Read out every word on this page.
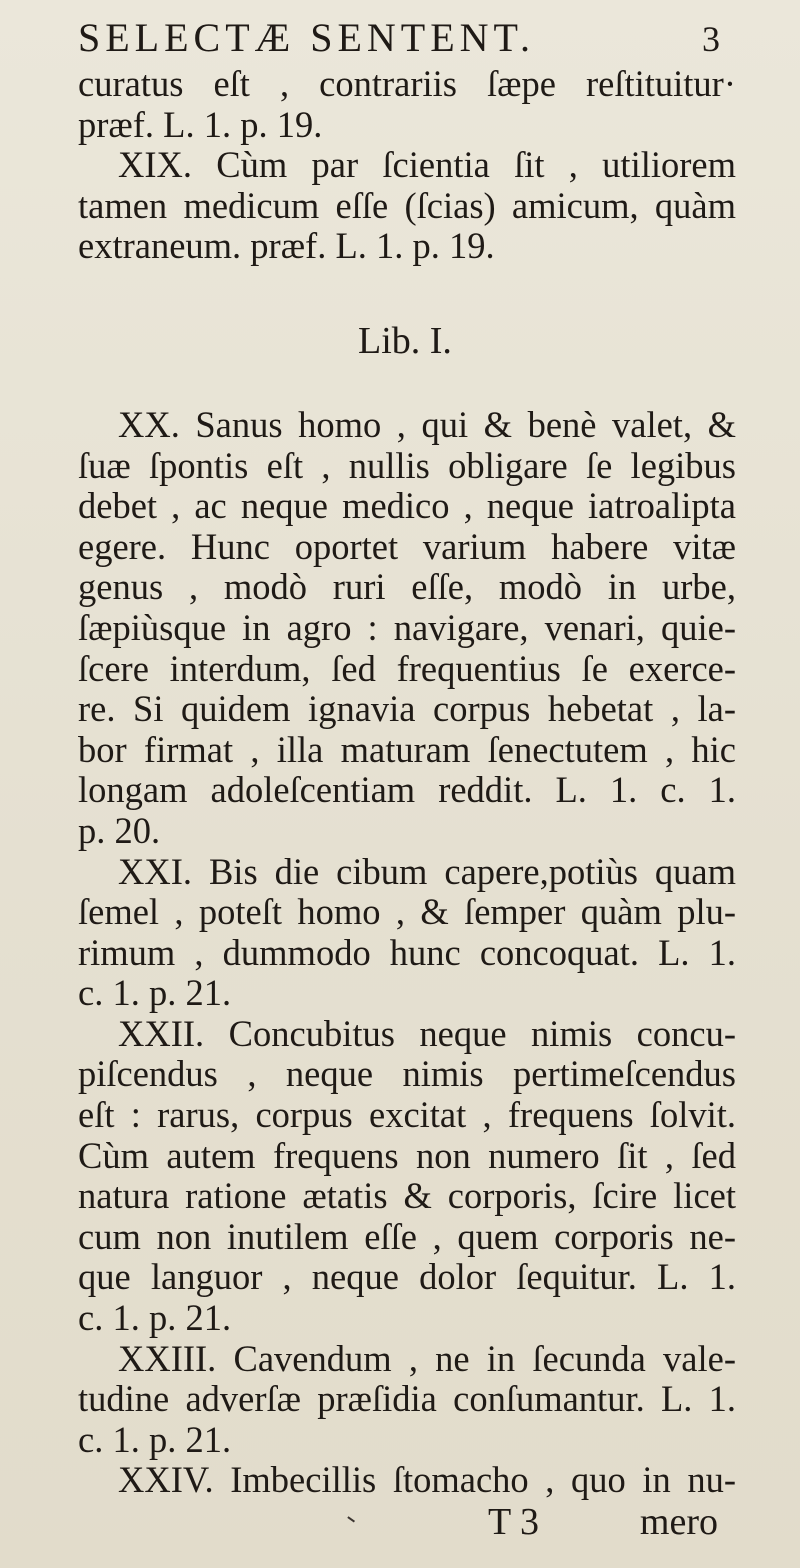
SELECTÆ SENTENT.	3
curatus eſt , contrariis ſæpe reſtituitur·
præf. L. 1. p. 19.
XIX. Cùm par ſcientia ſit , utiliorem
tamen medicum eſſe (ſcias) amicum, quàm
extraneum. præf. L. 1. p. 19.
Lib. I.
XX. Sanus homo , qui & benè valet, &
ſuæ ſpontis eſt , nullis obligare ſe legibus
debet , ac neque medico , neque iatroalipta
egere. Hunc oportet varium habere vitæ
genus , modò ruri eſſe, modò in urbe,
ſæpiùsque in agro : navigare, venari, quie-
ſcere interdum, ſed frequentius ſe exerce-
re. Si quidem ignavia corpus hebetat , la-
bor firmat , illa maturam ſenectutem , hic
longam adoleſcentiam reddit. L. 1. c. 1.
p. 20.
XXI. Bis die cibum capere,potiùs quam
ſemel , poteſt homo , & ſemper quàm plu-
rimum , dummodo hunc concoquat. L. 1.
c. 1. p. 21.
XXII. Concubitus neque nimis concu-
piſcendus , neque nimis pertimeſcendus
eſt : rarus, corpus excitat , frequens ſolvit.
Cùm autem frequens non numero ſit , ſed
natura ratione ætatis & corporis, ſcire licet
cum non inutilem eſſe , quem corporis ne-
que languor , neque dolor ſequitur. L. 1.
c. 1. p. 21.
XXIII. Cavendum , ne in ſecunda vale-
tudine adverſæ præſidia conſumantur. L. 1.
c. 1. p. 21.
XXIV. Imbecillis ſtomacho , quo in nu-
T 3	mero
